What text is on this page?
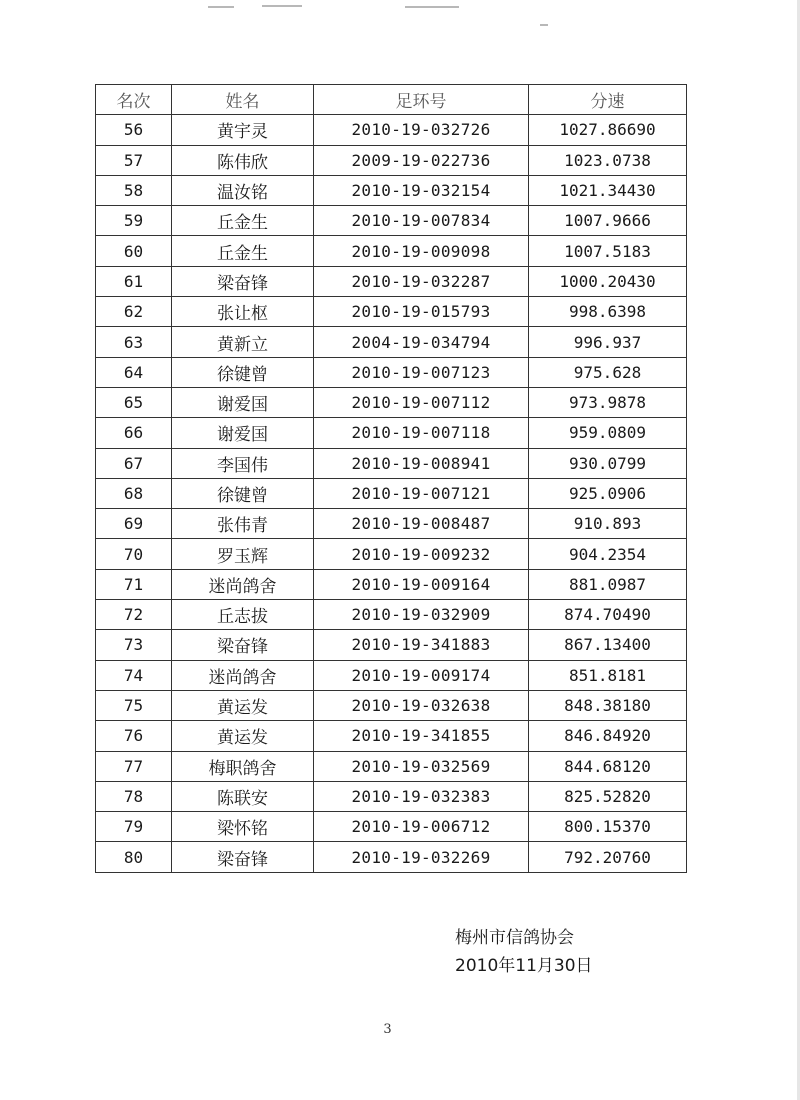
名次	姓名	足环号	分速
56	黄宇灵	2010-19-032726	1027.86690
57	陈伟欣	2009-19-022736	1023.0738
58	温汝铭	2010-19-032154	1021.34430
59	丘金生	2010-19-007834	1007.9666
60	丘金生	2010-19-009098	1007.5183
61	梁奋锋	2010-19-032287	1000.20430
62	张让枢	2010-19-015793	998.6398
63	黄新立	2004-19-034794	996.937
64	徐键曾	2010-19-007123	975.628
65	谢爱国	2010-19-007112	973.9878
66	谢爱国	2010-19-007118	959.0809
67	李国伟	2010-19-008941	930.0799
68	徐键曾	2010-19-007121	925.0906
69	张伟青	2010-19-008487	910.893
70	罗玉辉	2010-19-009232	904.2354
71	迷尚鸽舍	2010-19-009164	881.0987
72	丘志拔	2010-19-032909	874.70490
73	梁奋锋	2010-19-341883	867.13400
74	迷尚鸽舍	2010-19-009174	851.8181
75	黄运发	2010-19-032638	848.38180
76	黄运发	2010-19-341855	846.84920
77	梅职鸽舍	2010-19-032569	844.68120
78	陈联安	2010-19-032383	825.52820
79	梁怀铭	2010-19-006712	800.15370
80	梁奋锋	2010-19-032269	792.20760
梅州市信鸽协会
2010年11月30日
3
